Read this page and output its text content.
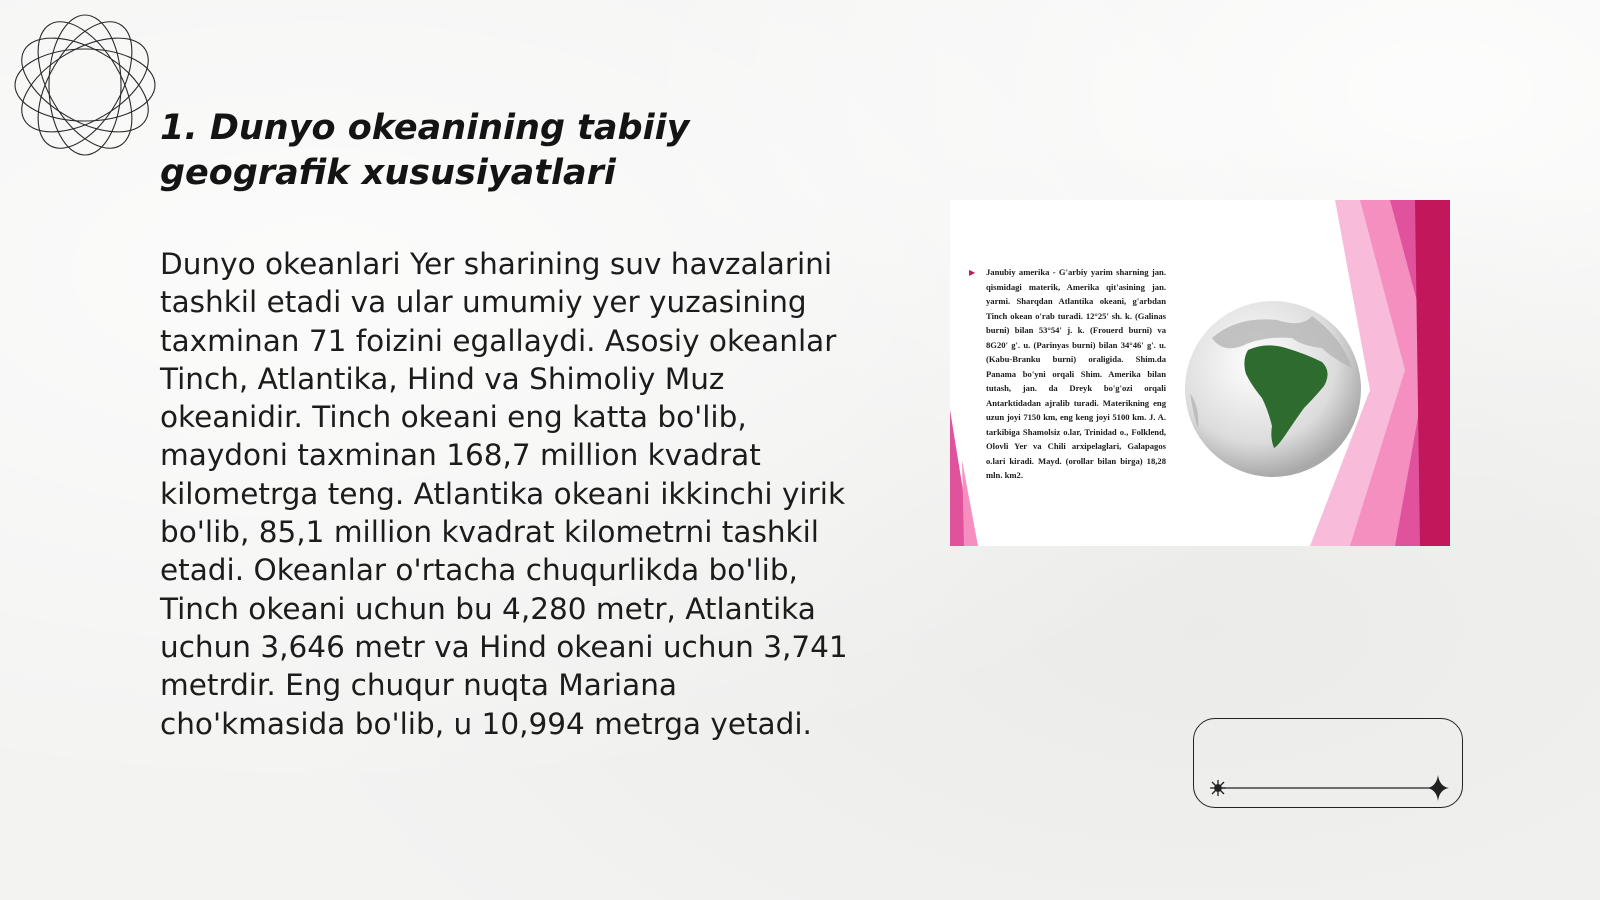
1. Dunyo okeanining tabiiy geografik xususiyatlari

Dunyo okeanlari Yer sharining suv havzalarini tashkil etadi va ular umumiy yer yuzasining taxminan 71 foizini egallaydi. Asosiy okeanlar Tinch, Atlantika, Hind va Shimoliy Muz okeanidir. Tinch okeani eng katta bo'lib, maydoni taxminan 168,7 million kvadrat kilometrga teng. Atlantika okeani ikkinchi yirik bo'lib, 85,1 million kvadrat kilometrni tashkil etadi. Okeanlar o'rtacha chuqurlikda bo'lib, Tinch okeani uchun bu 4,280 metr, Atlantika uchun 3,646 metr va Hind okeani uchun 3,741 metrdir. Eng chuqur nuqta Mariana cho'kmasida bo'lib, u 10,994 metrga yetadi.

▶ Janubiy amerika - G'arbiy yarim sharning jan. qismidagi materik, Amerika qit'asining jan. yarmi. Sharqdan Atlantika okeani, g'arbdan Tinch okean o'rab turadi. 12°25' sh. k. (Galinas burni) bilan 53°54' j. k. (Frouerd burni) va 8G20' g'. u. (Parinyas burni) bilan 34°46' g'. u. (Kabu-Branku burni) oraligida. Shim.da Panama bo'yni orqali Shim. Amerika bilan tutash, jan. da Dreyk bo'g'ozi orqali Antarktidadan ajralib turadi. Materikning eng uzun joyi 7150 km, eng keng joyi 5100 km. J. A. tarkibiga Shamolsiz o.lar, Trinidad o., Folklend, Olovli Yer va Chili arxipelaglari, Galapagos o.lari kiradi. Mayd. (orollar bilan birga) 18,28 mln. km2.
